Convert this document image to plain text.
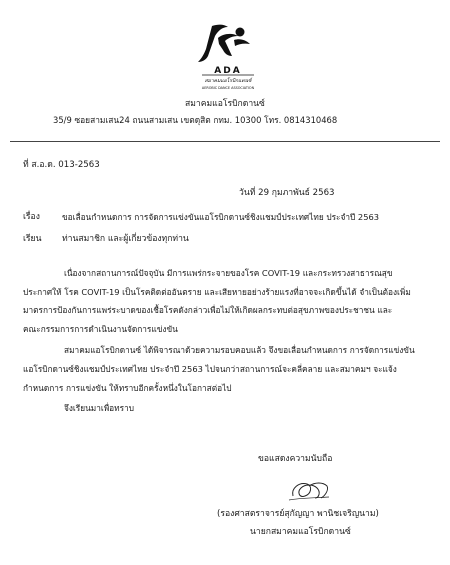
ADA
สมาคมแอโรบิกแดนซ์
AEROBIC DANCE ASSOCIATION
สมาคมแอโรบิกดานซ์
35/9 ซอยสามเสน24 ถนนสามเสน เขตดุสิต กทม. 10300 โทร. 0814310468
ที่ ส.อ.ด. 013-2563
วันที่ 29 กุมภาพันธ์ 2563
เรื่อง	ขอเลื่อนกำหนดการ การจัดการแข่งขันแอโรบิกดานซ์ชิงแชมป์ประเทศไทย ประจำปี 2563
เรียน ท่านสมาชิก และผู้เกี่ยวข้องทุกท่าน
เนื่องจากสถานการณ์ปัจจุบัน มีการแพร่กระจายของโรค COVIT-19 และกระทรวงสาธารณสุข
ประกาศให้ โรค COVIT-19 เป็นโรคติดต่ออันตราย และเสียหายอย่างร้ายแรงที่อาจจะเกิดขึ้นได้ จำเป็นต้องเพิ่ม
มาตรการป้องกันการแพร่ระบาดของเชื้อโรคดังกล่าวเพื่อไม่ให้เกิดผลกระทบต่อสุขภาพของประชาชน และ
คณะกรรมการการดำเนินงานจัดการแข่งขัน
สมาคมแอโรบิกดานซ์ ได้พิจารณาด้วยความรอบคอบแล้ว จึงขอเลื่อนกำหนดการ การจัดการแข่งขัน
แอโรบิกดานซ์ชิงแชมป์ประเทศไทย ประจำปี 2563 ไปจนกว่าสถานการณ์จะคลี่คลาย และสมาคมฯ จะแจ้ง
กำหนดการ การแข่งขัน ให้ทราบอีกครั้งหนึ่งในโอกาสต่อไป
จึงเรียนมาเพื่อทราบ
ขอแสดงความนับถือ
(รองศาสตราจารย์สุกัญญา พานิชเจริญนาม)
นายกสมาคมแอโรบิกดานซ์
